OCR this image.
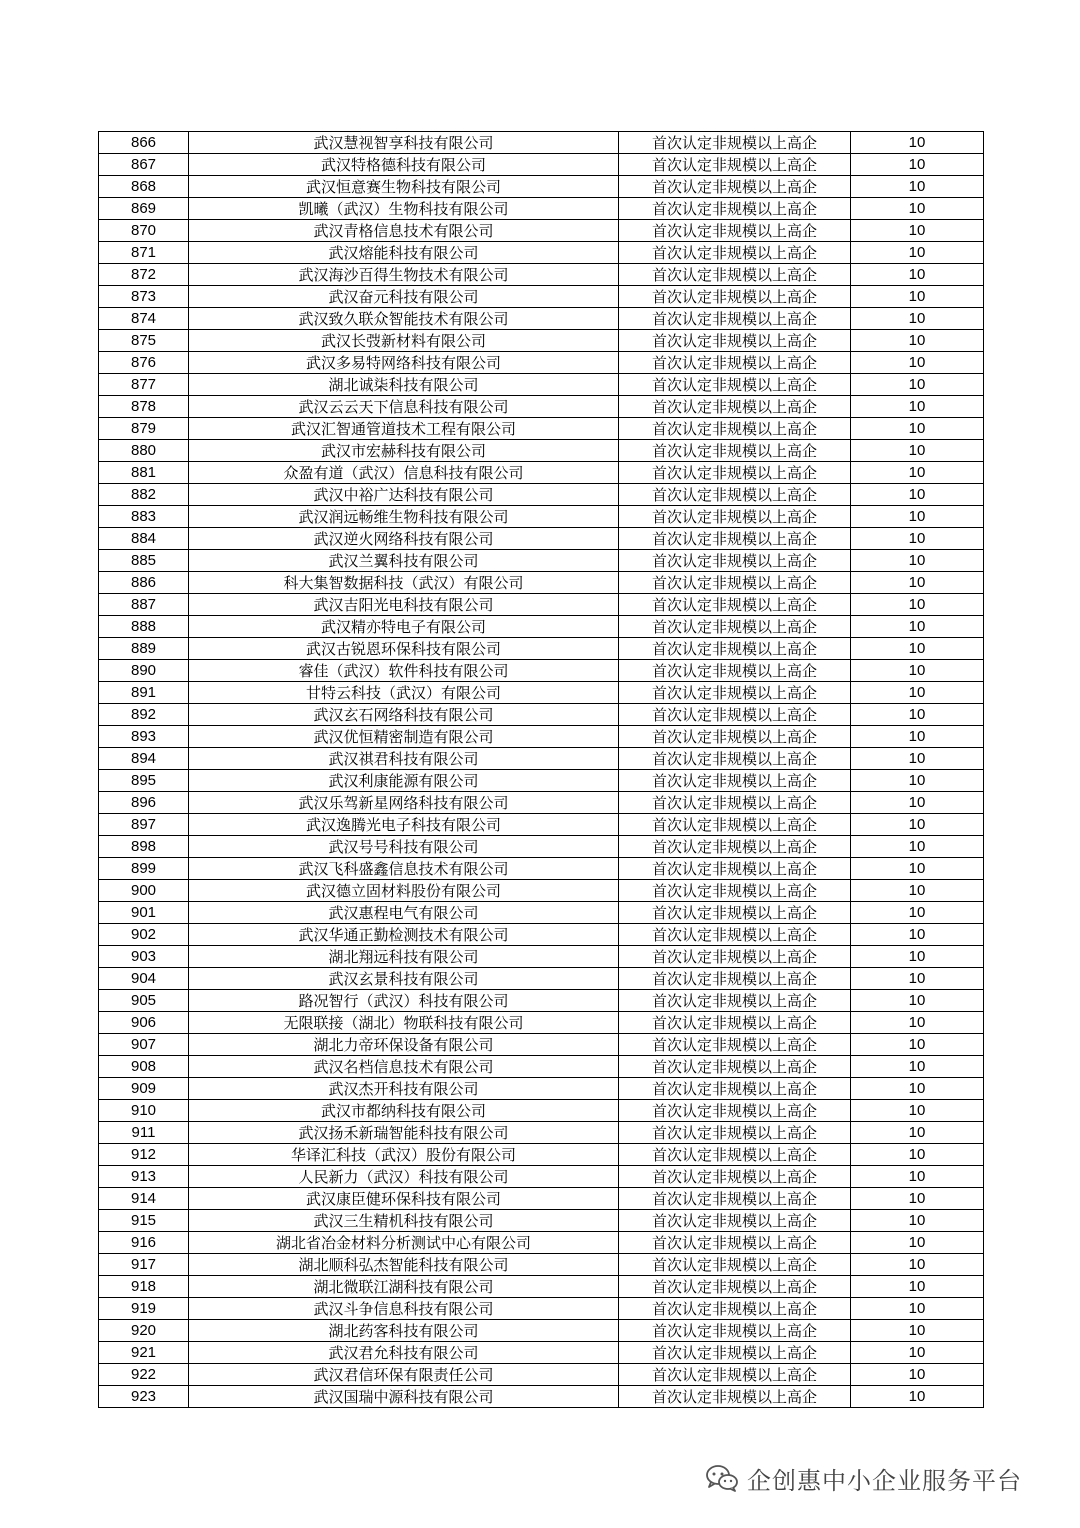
866	武汉慧视智享科技有限公司	首次认定非规模以上高企	10
867	武汉特格德科技有限公司	首次认定非规模以上高企	10
868	武汉恒意赛生物科技有限公司	首次认定非规模以上高企	10
869	凯曦（武汉）生物科技有限公司	首次认定非规模以上高企	10
870	武汉青格信息技术有限公司	首次认定非规模以上高企	10
871	武汉熔能科技有限公司	首次认定非规模以上高企	10
872	武汉海沙百得生物技术有限公司	首次认定非规模以上高企	10
873	武汉奋元科技有限公司	首次认定非规模以上高企	10
874	武汉致久联众智能技术有限公司	首次认定非规模以上高企	10
875	武汉长弢新材料有限公司	首次认定非规模以上高企	10
876	武汉多易特网络科技有限公司	首次认定非规模以上高企	10
877	湖北诚柒科技有限公司	首次认定非规模以上高企	10
878	武汉云云天下信息科技有限公司	首次认定非规模以上高企	10
879	武汉汇智通管道技术工程有限公司	首次认定非规模以上高企	10
880	武汉市宏赫科技有限公司	首次认定非规模以上高企	10
881	众盈有道（武汉）信息科技有限公司	首次认定非规模以上高企	10
882	武汉中裕广达科技有限公司	首次认定非规模以上高企	10
883	武汉润远畅维生物科技有限公司	首次认定非规模以上高企	10
884	武汉逆火网络科技有限公司	首次认定非规模以上高企	10
885	武汉兰翼科技有限公司	首次认定非规模以上高企	10
886	科大集智数据科技（武汉）有限公司	首次认定非规模以上高企	10
887	武汉吉阳光电科技有限公司	首次认定非规模以上高企	10
888	武汉精亦特电子有限公司	首次认定非规模以上高企	10
889	武汉古锐恩环保科技有限公司	首次认定非规模以上高企	10
890	睿佳（武汉）软件科技有限公司	首次认定非规模以上高企	10
891	甘特云科技（武汉）有限公司	首次认定非规模以上高企	10
892	武汉玄石网络科技有限公司	首次认定非规模以上高企	10
893	武汉优恒精密制造有限公司	首次认定非规模以上高企	10
894	武汉祺君科技有限公司	首次认定非规模以上高企	10
895	武汉利康能源有限公司	首次认定非规模以上高企	10
896	武汉乐驾新星网络科技有限公司	首次认定非规模以上高企	10
897	武汉逸腾光电子科技有限公司	首次认定非规模以上高企	10
898	武汉号号科技有限公司	首次认定非规模以上高企	10
899	武汉飞科盛鑫信息技术有限公司	首次认定非规模以上高企	10
900	武汉德立固材料股份有限公司	首次认定非规模以上高企	10
901	武汉惠程电气有限公司	首次认定非规模以上高企	10
902	武汉华通正勤检测技术有限公司	首次认定非规模以上高企	10
903	湖北翔远科技有限公司	首次认定非规模以上高企	10
904	武汉玄景科技有限公司	首次认定非规模以上高企	10
905	路况智行（武汉）科技有限公司	首次认定非规模以上高企	10
906	无限联接（湖北）物联科技有限公司	首次认定非规模以上高企	10
907	湖北力帝环保设备有限公司	首次认定非规模以上高企	10
908	武汉名档信息技术有限公司	首次认定非规模以上高企	10
909	武汉杰开科技有限公司	首次认定非规模以上高企	10
910	武汉市都纳科技有限公司	首次认定非规模以上高企	10
911	武汉扬禾新瑞智能科技有限公司	首次认定非规模以上高企	10
912	华译汇科技（武汉）股份有限公司	首次认定非规模以上高企	10
913	人民新力（武汉）科技有限公司	首次认定非规模以上高企	10
914	武汉康臣健环保科技有限公司	首次认定非规模以上高企	10
915	武汉三生精机科技有限公司	首次认定非规模以上高企	10
916	湖北省冶金材料分析测试中心有限公司	首次认定非规模以上高企	10
917	湖北顺科弘杰智能科技有限公司	首次认定非规模以上高企	10
918	湖北微联江湖科技有限公司	首次认定非规模以上高企	10
919	武汉斗争信息科技有限公司	首次认定非规模以上高企	10
920	湖北药客科技有限公司	首次认定非规模以上高企	10
921	武汉君允科技有限公司	首次认定非规模以上高企	10
922	武汉君信环保有限责任公司	首次认定非规模以上高企	10
923	武汉国瑞中源科技有限公司	首次认定非规模以上高企	10
企创惠中小企业服务平台
